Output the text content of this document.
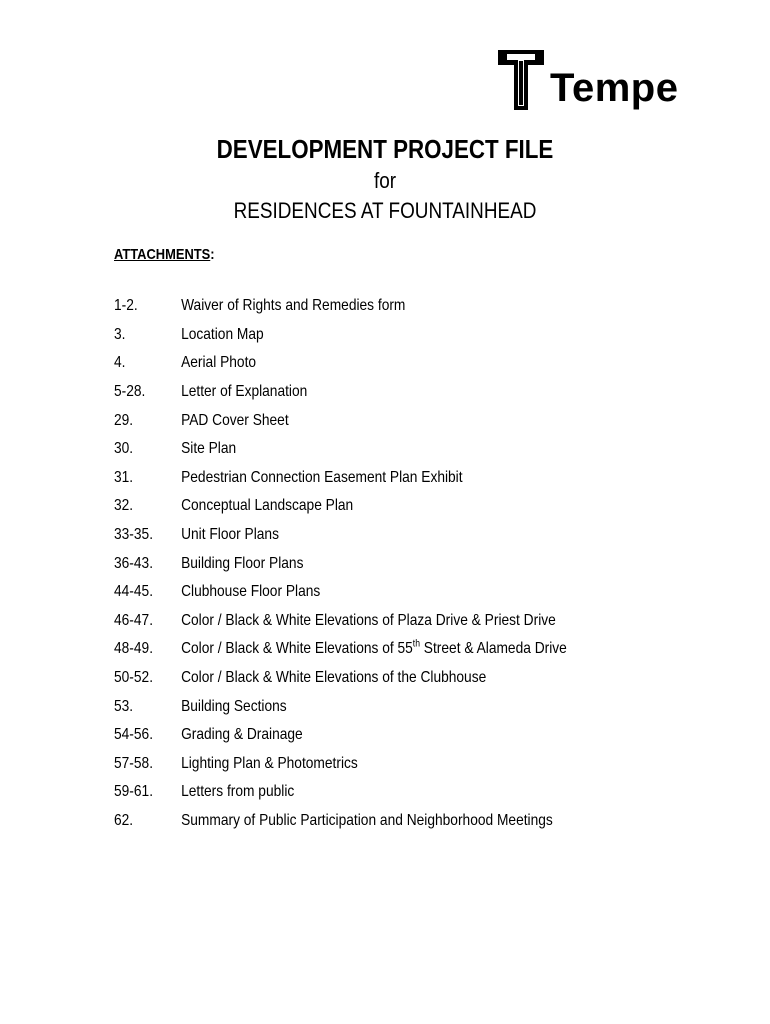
Tempe
DEVELOPMENT PROJECT FILE
for
RESIDENCES AT FOUNTAINHEAD
ATTACHMENTS:
1-2.	Waiver of Rights and Remedies form
3.	Location Map
4.	Aerial Photo
5-28.	Letter of Explanation
29.	PAD Cover Sheet
30.	Site Plan
31.	Pedestrian Connection Easement Plan Exhibit
32.	Conceptual Landscape Plan
33-35.	Unit Floor Plans
36-43.	Building Floor Plans
44-45.	Clubhouse Floor Plans
46-47.	Color / Black & White Elevations of Plaza Drive & Priest Drive
48-49.	Color / Black & White Elevations of 55th Street & Alameda Drive
50-52.	Color / Black & White Elevations of the Clubhouse
53.	Building Sections
54-56.	Grading & Drainage
57-58.	Lighting Plan & Photometrics
59-61.	Letters from public
62.	Summary of Public Participation and Neighborhood Meetings
